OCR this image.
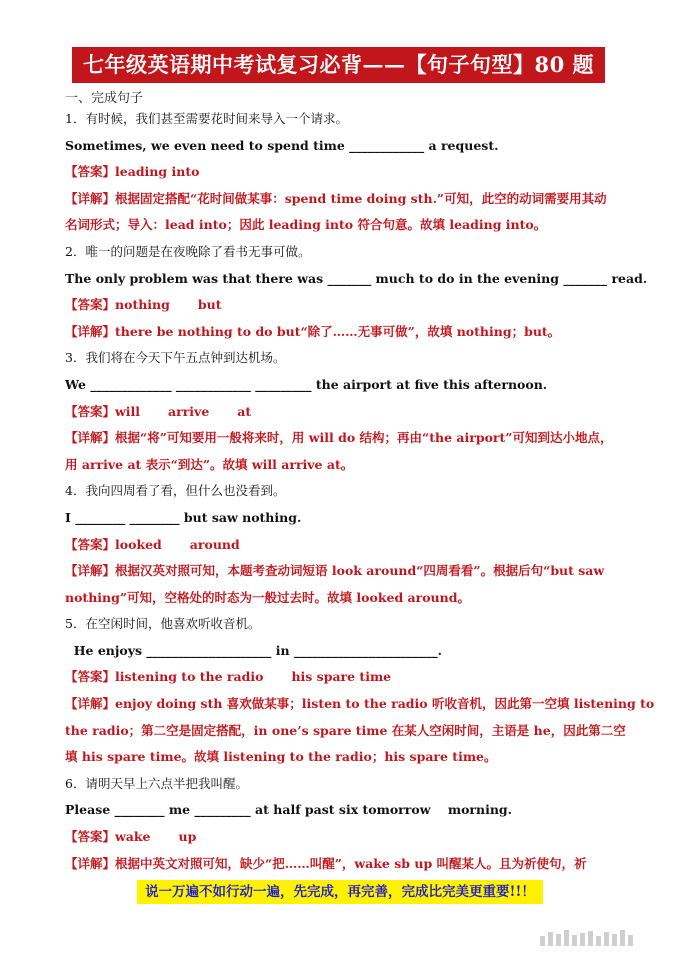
七年级英语期中考试复习必背——【句子句型】80 题
一、完成句子
1．有时候，我们甚至需要花时间来导入一个请求。
Sometimes, we even need to spend time ____________ a request.
【答案】leading into
【详解】根据固定搭配“花时间做某事：spend time doing sth.”可知，此空的动词需要用其动
名词形式；导入：lead into；因此 leading into 符合句意。故填 leading into。
2．唯一的问题是在夜晚除了看书无事可做。
The only problem was that there was _______ much to do in the evening _______ read.
【答案】nothing but
【详解】there be nothing to do but“除了……无事可做”，故填 nothing；but。
3．我们将在今天下午五点钟到达机场。
We _____________ ____________ _________ the airport at five this afternoon.
【答案】will arrive at
【详解】根据“将”可知要用一般将来时，用 will do 结构；再由“the airport”可知到达小地点，
用 arrive at 表示“到达”。故填 will arrive at。
4．我向四周看了看，但什么也没看到。
I ________ ________ but saw nothing.
【答案】looked around
【详解】根据汉英对照可知，本题考查动词短语 look around“四周看看”。根据后句“but saw
nothing”可知，空格处的时态为一般过去时。故填 looked around。
5．在空闲时间，他喜欢听收音机。
He enjoys ____________________ in _______________________.
【答案】listening to the radio his spare time
【详解】enjoy doing sth 喜欢做某事；listen to the radio 听收音机，因此第一空填 listening to
the radio；第二空是固定搭配，in one’s spare time 在某人空闲时间，主语是 he，因此第二空
填 his spare time。故填 listening to the radio；his spare time。
6．请明天早上六点半把我叫醒。
Please ________ me _________ at half past six tomorrow    morning.
【答案】wake up
【详解】根据中英文对照可知，缺少“把……叫醒”，wake sb up 叫醒某人。且为祈使句，祈
说一万遍不如行动一遍，先完成，再完善，完成比完美更重要!!！
